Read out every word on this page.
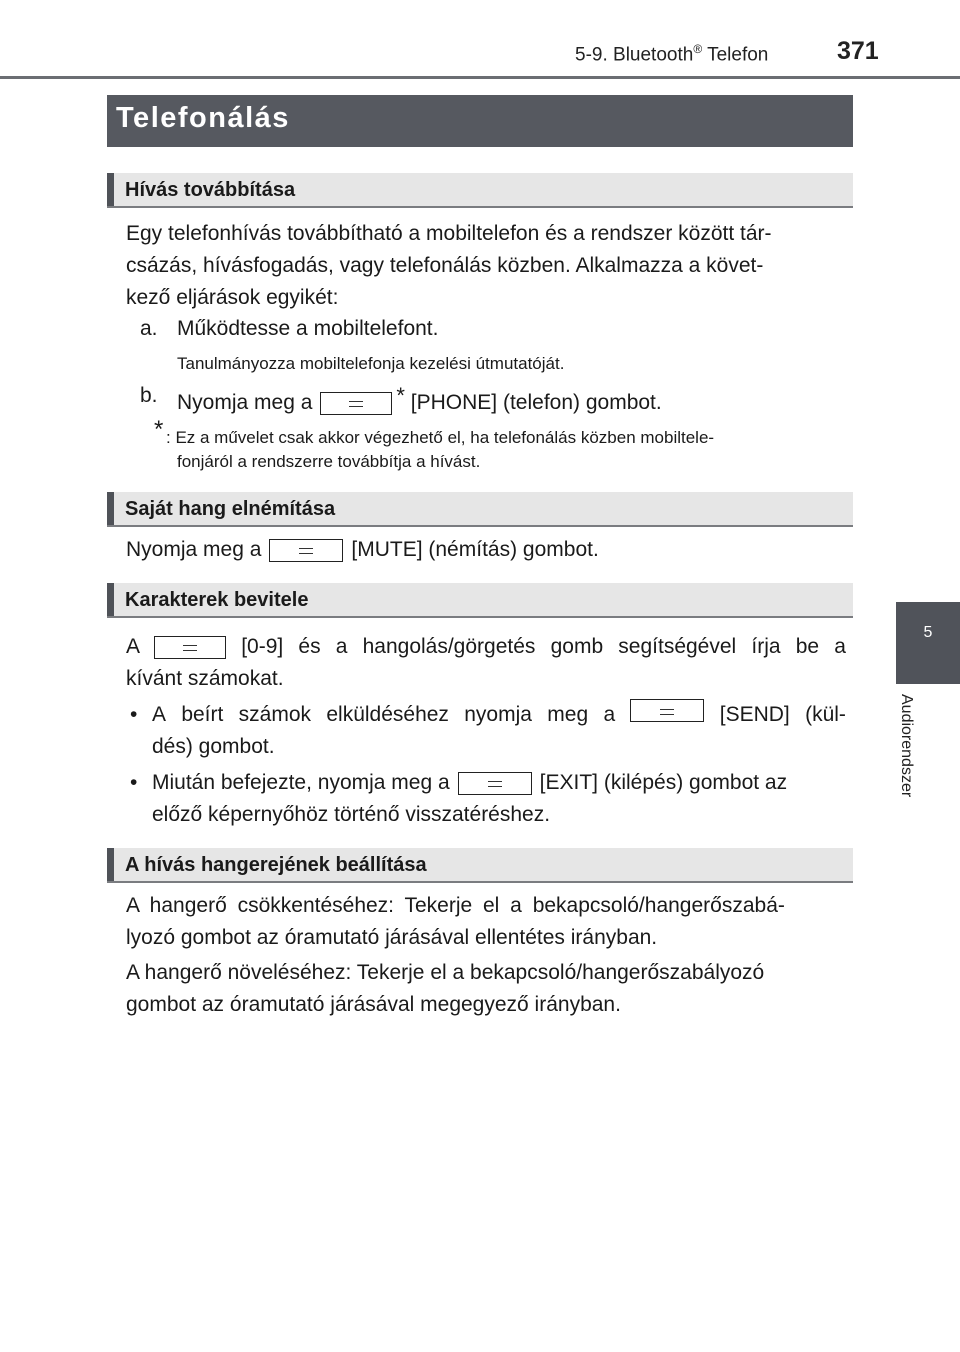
5-9. Bluetooth® Telefon	371
5
Audiorendszer
Telefonálás
Hívás továbbítása
Egy telefonhívás továbbítható a mobiltelefon és a rendszer között tár-
csázás, hívásfogadás, vagy telefonálás közben. Alkalmazza a követ-
kező eljárások egyikét:
a. Működtesse a mobiltelefont.
Tanulmányozza mobiltelefonja kezelési útmutatóját.
b. Nyomja meg a	* [PHONE] (telefon) gombot.
* : Ez a művelet csak akkor végezhető el, ha telefonálás közben mobiltele-
fonjáról a rendszerre továbbítja a hívást.
Saját hang elnémítása
Nyomja meg a	[MUTE] (némítás) gombot.
Karakterek bevitele
A	[0-9] és a hangolás/görgetés gomb segítségével írja be a
kívánt számokat.
• A beírt számok elküldéséhez nyomja meg a	[SEND] (kül-
dés) gombot.
• Miután befejezte, nyomja meg a	[EXIT] (kilépés) gombot az
előző képernyőhöz történő visszatéréshez.
A hívás hangerejének beállítása
A hangerő csökkentéséhez: Tekerje el a bekapcsoló/hangerőszabá-
lyozó gombot az óramutató járásával ellentétes irányban.
A hangerő növeléséhez: Tekerje el a bekapcsoló/hangerőszabályozó
gombot az óramutató járásával megegyező irányban.
